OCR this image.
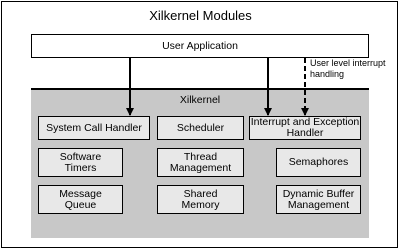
Xilkernel Modules
User Application
User level interrupt
handling
Xilkernel
System Call Handler	Scheduler	Interrupt and Exception
Handler
Software
Timers
Thread
Management	Semaphores
Message
Queue
Shared
Memory
Dynamic Buffer
Management
